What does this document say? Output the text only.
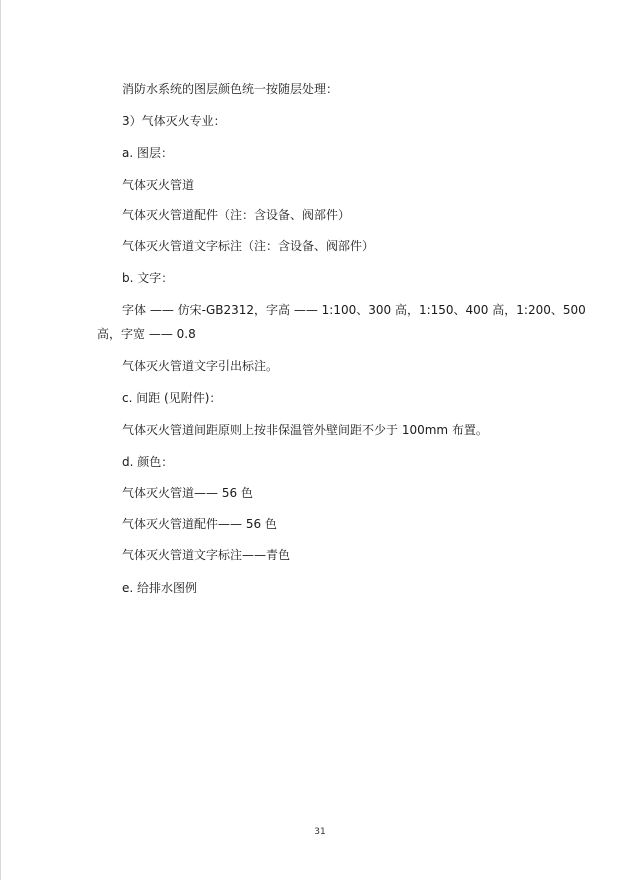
消防水系统的图层颜色统一按随层处理：
3）气体灭火专业：
a. 图层：
气体灭火管道
气体灭火管道配件（注：含设备、阀部件）
气体灭火管道文字标注（注：含设备、阀部件）
b. 文字：
字体 —— 仿宋-GB2312，字高 —— 1:100、300 高，1:150、400 高，1:200、500
高，字宽 —— 0.8
气体灭火管道文字引出标注。
c. 间距 (见附件)：
气体灭火管道间距原则上按非保温管外壁间距不少于 100mm 布置。
d. 颜色：
气体灭火管道—— 56 色
气体灭火管道配件—— 56 色
气体灭火管道文字标注——青色
e. 给排水图例
31
